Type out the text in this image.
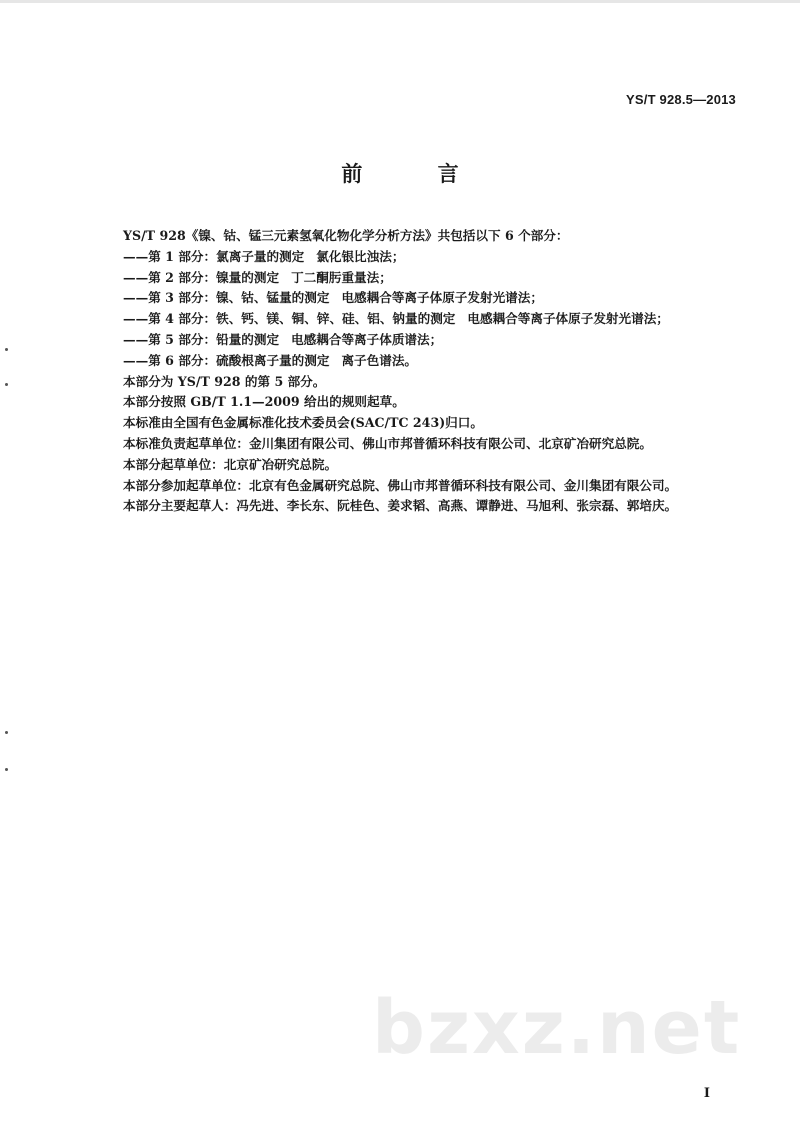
YS/T 928.5—2013
前 言
YS/T 928《镍、钴、锰三元素氢氧化物化学分析方法》共包括以下 6 个部分：
——第 1 部分：氯离子量的测定 氯化银比浊法；
——第 2 部分：镍量的测定 丁二酮肟重量法；
——第 3 部分：镍、钴、锰量的测定 电感耦合等离子体原子发射光谱法；
——第 4 部分：铁、钙、镁、铜、锌、硅、铝、钠量的测定 电感耦合等离子体原子发射光谱法；
——第 5 部分：铅量的测定 电感耦合等离子体质谱法；
——第 6 部分：硫酸根离子量的测定 离子色谱法。
本部分为 YS/T 928 的第 5 部分。
本部分按照 GB/T 1.1—2009 给出的规则起草。
本标准由全国有色金属标准化技术委员会(SAC/TC 243)归口。
本标准负责起草单位：金川集团有限公司、佛山市邦普循环科技有限公司、北京矿冶研究总院。
本部分起草单位：北京矿冶研究总院。
本部分参加起草单位：北京有色金属研究总院、佛山市邦普循环科技有限公司、金川集团有限公司。
本部分主要起草人：冯先进、李长东、阮桂色、姜求韬、高燕、谭静进、马旭利、张宗磊、郭培庆。
bzxz.net
I
